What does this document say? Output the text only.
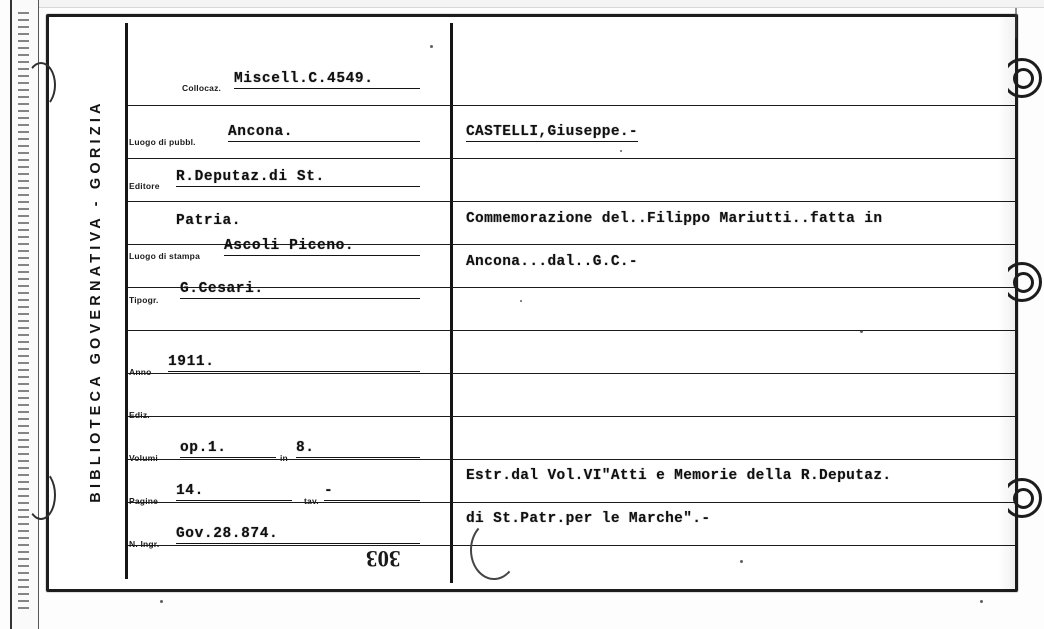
BIBLIOTECA GOVERNATIVA - GORIZIA
Collocaz.
Miscell.C.4549.
Luogo di pubbl.
Ancona.
Editore
R.Deputaz.di St.
Patria.
Luogo di stampa
Ascoli Piceno.
Tipogr.
G.Cesari.
Anno
1911.
Ediz.
Volumi
op.1.
in
8.
Pagine
14.
tav.
-
N. Ingr.
Gov.28.874.
303
CASTELLI,Giuseppe.-
Commemorazione del..Filippo Mariutti..fatta in
Ancona...dal..G.C.-
Estr.dal Vol.VI"Atti e Memorie della R.Deputaz.
di St.Patr.per le Marche".-
